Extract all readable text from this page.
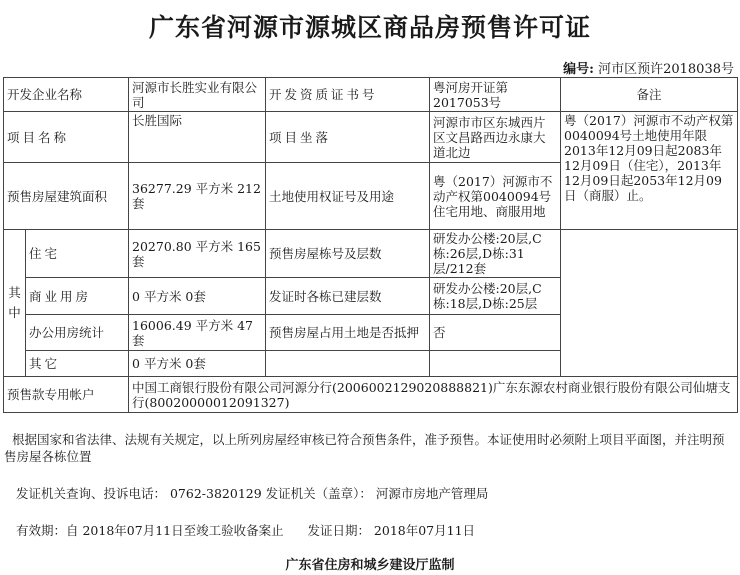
广东省河源市源城区商品房预售许可证
编号: 河市区预许2018038号
开发企业名称		河源市长胜实业有限公司	开发资质证书号	粤河房开证第2017053号	备注
项目名称		长胜国际	项目坐落	河源市市区东城西片区文昌路西边永康大道北边	粤（2017）河源市不动产权第0040094号土地使用年限2013年12月09日起2083年12月09日（住宅），2013年12月09日起2053年12月09日（商服）止。
预售房屋建筑面积		36277.29 平方米 212套	土地使用权证号及用途	粤（2017）河源市不动产权第0040094号 住宅用地、商服用地	
其中	住宅	20270.80 平方米 165套	预售房屋栋号及层数	研发办公楼:20层,C栋:26层,D栋:31层/212套	
	商业用房	0 平方米 0套	发证时各栋已建层数	研发办公楼:20层,C栋:18层,D栋:25层	
	办公用房统计	16006.49 平方米 47套	预售房屋占用土地是否抵押	否	
	其它	0 平方米 0套			
预售款专用帐户		中国工商银行股份有限公司河源分行(2006002129020888821)广东东源农村商业银行股份有限公司仙塘支行(80020000012091327)			
根据国家和省法律、法规有关规定，以上所列房屋经审核已符合预售条件，准予预售。本证使用时必须附上项目平面图，并注明预售房屋各栋位置
发证机关查询、投诉电话： 0762-3820129 发证机关（盖章）： 河源市房地产管理局
有效期：自 2018年07月11日至竣工验收备案止      发证日期： 2018年07月11日
广东省住房和城乡建设厅监制
